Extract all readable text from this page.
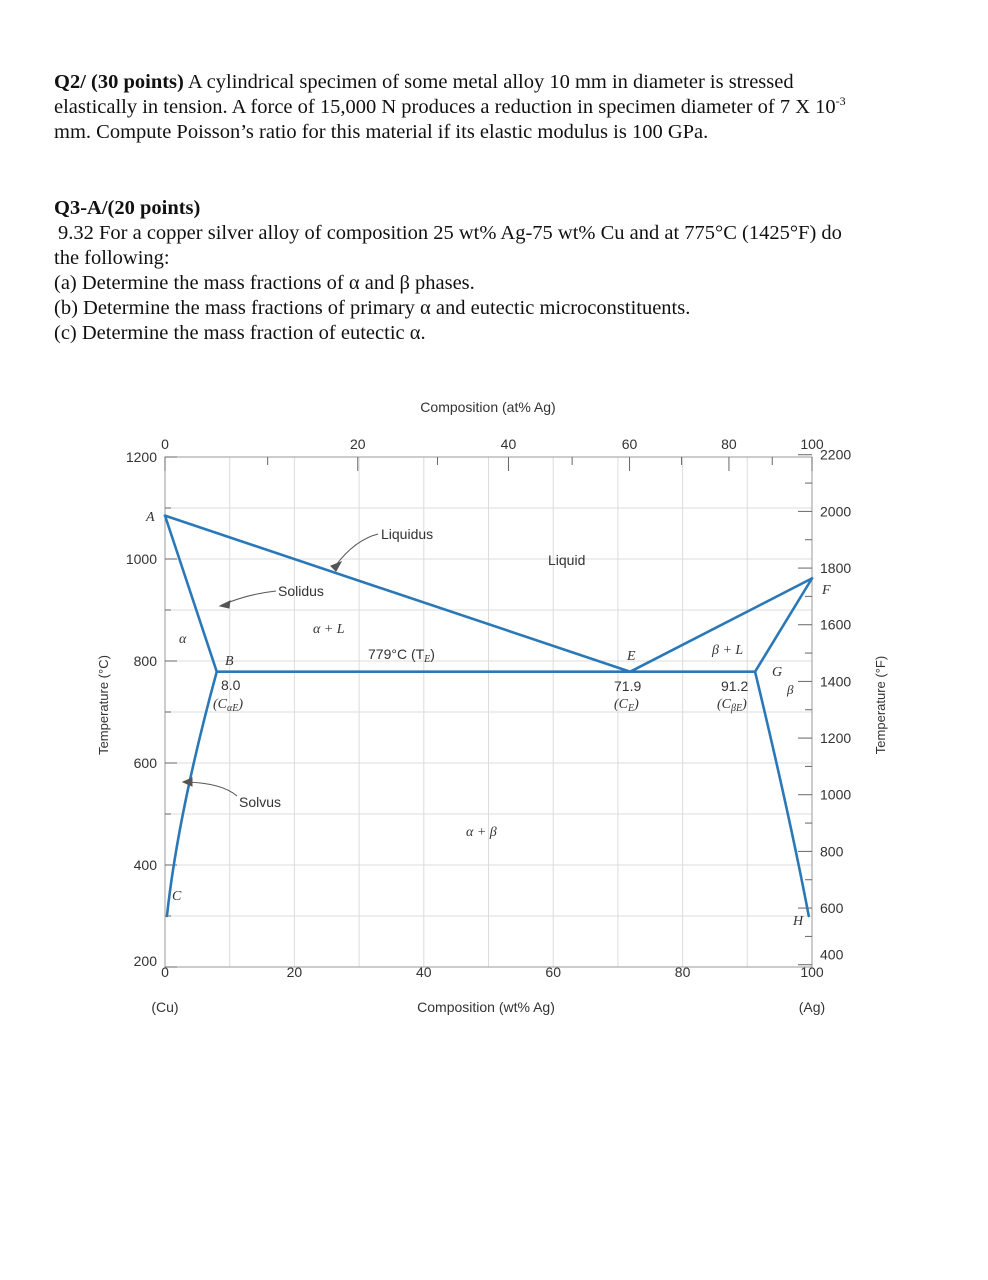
Q2/ (30 points) A cylindrical specimen of some metal alloy 10 mm in diameter is stressed
elastically in tension. A force of 15,000 N produces a reduction in specimen diameter of 7 X $10^{-3}$
mm. Compute Poisson’s ratio for this material if its elastic modulus is 100 GPa.
Q3-A/(20 points)
9.32 For a copper silver alloy of composition 25 wt% Ag-75 wt% Cu and at 775°C (1425°F) do
the following:
(a) Determine the mass fractions of α and β phases.
(b) Determine the mass fractions of primary α and eutectic microconstituents.
(c) Determine the mass fraction of eutectic α.
Composition (at% Ag)
Composition (wt% Ag)
(Cu)	(Ag)
Temperature (°C)	Temperature (°F)
1200
1000
800
600
400
200
0	20	40	60	80	100
0	20	40	60	80	100
2200
2000
1800
1600
1400
1200
1000
800
600
400
Liquidus
Solidus
Solvus
Liquid
α + L
β + L
α + β
α
β
779°C $(T_E)$
A
B
C
E
F
G
H
8.0
$(C_{\alpha E})$
71.9
$(C_E)$
91.2
$(C_{\beta E})$
